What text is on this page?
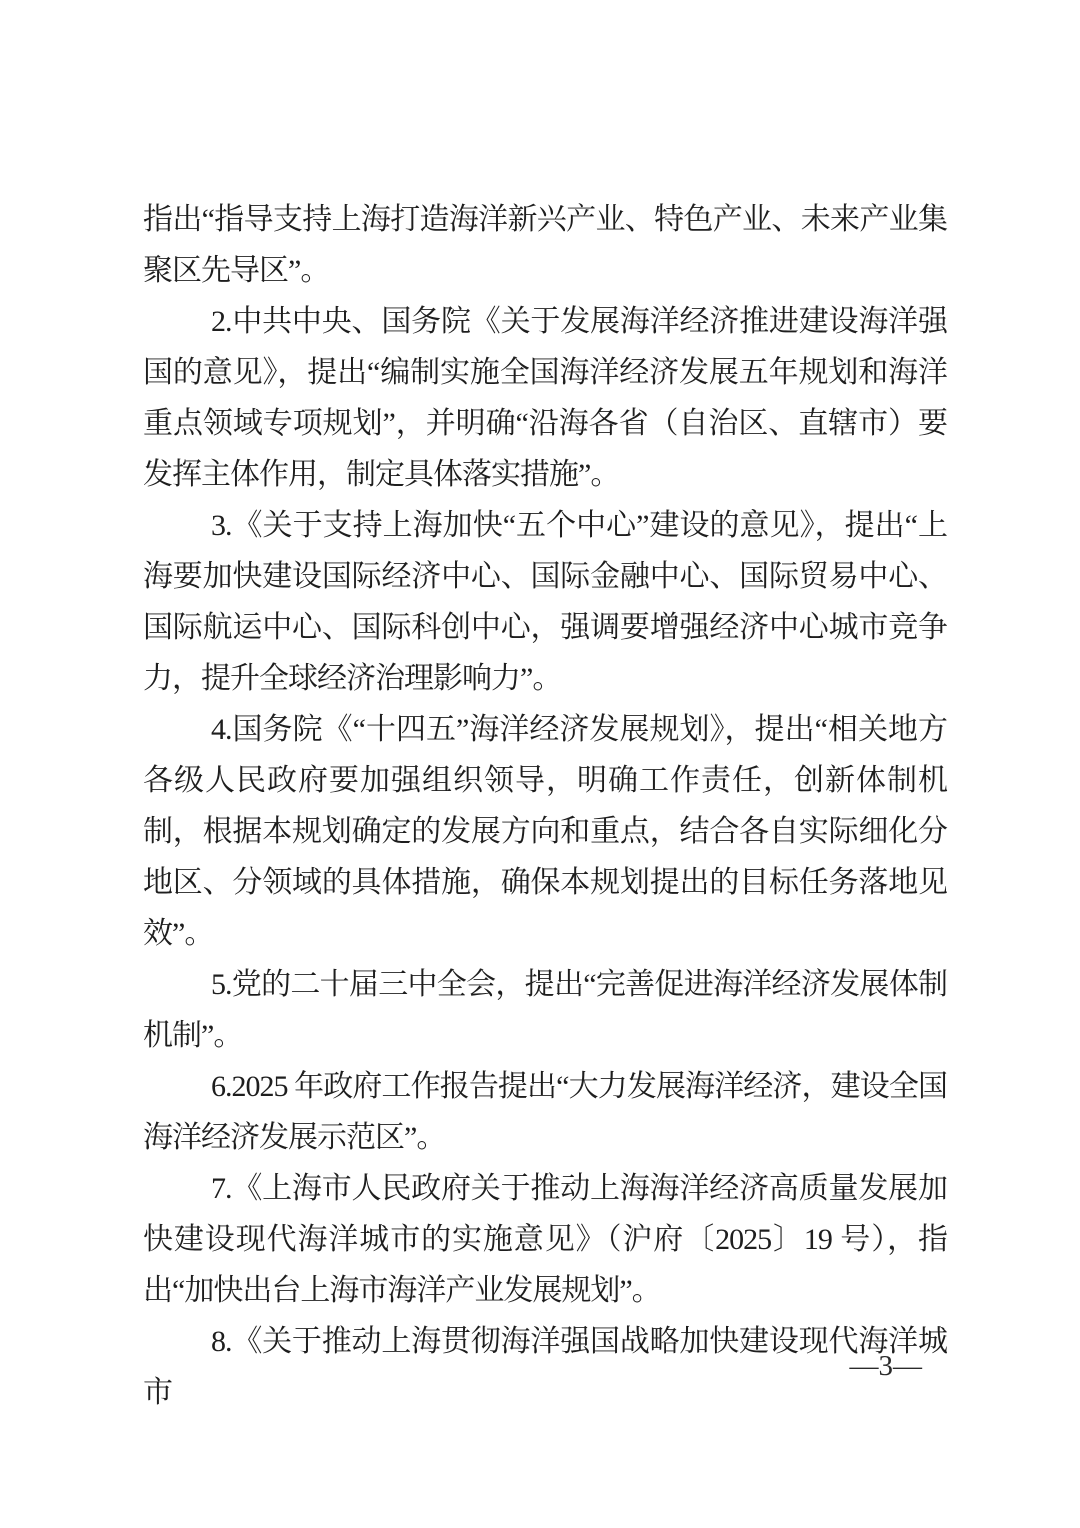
指出“指导支持上海打造海洋新兴产业、特色产业、未来产业集聚区先导区”。

2.中共中央、国务院《关于发展海洋经济推进建设海洋强国的意见》，提出“编制实施全国海洋经济发展五年规划和海洋重点领域专项规划”，并明确“沿海各省（自治区、直辖市）要发挥主体作用，制定具体落实措施”。

3.《关于支持上海加快“五个中心”建设的意见》，提出“上海要加快建设国际经济中心、国际金融中心、国际贸易中心、国际航运中心、国际科创中心，强调要增强经济中心城市竞争力，提升全球经济治理影响力”。

4.国务院《“十四五”海洋经济发展规划》，提出“相关地方各级人民政府要加强组织领导，明确工作责任，创新体制机制，根据本规划确定的发展方向和重点，结合各自实际细化分地区、分领域的具体措施，确保本规划提出的目标任务落地见效”。

5.党的二十届三中全会，提出“完善促进海洋经济发展体制机制”。

6.2025 年政府工作报告提出“大力发展海洋经济，建设全国海洋经济发展示范区”。

7.《上海市人民政府关于推动上海海洋经济高质量发展加快建设现代海洋城市的实施意见》（沪府〔2025〕19 号），指出“加快出台上海市海洋产业发展规划”。

8.《关于推动上海贯彻海洋强国战略加快建设现代海洋城市

—3—
